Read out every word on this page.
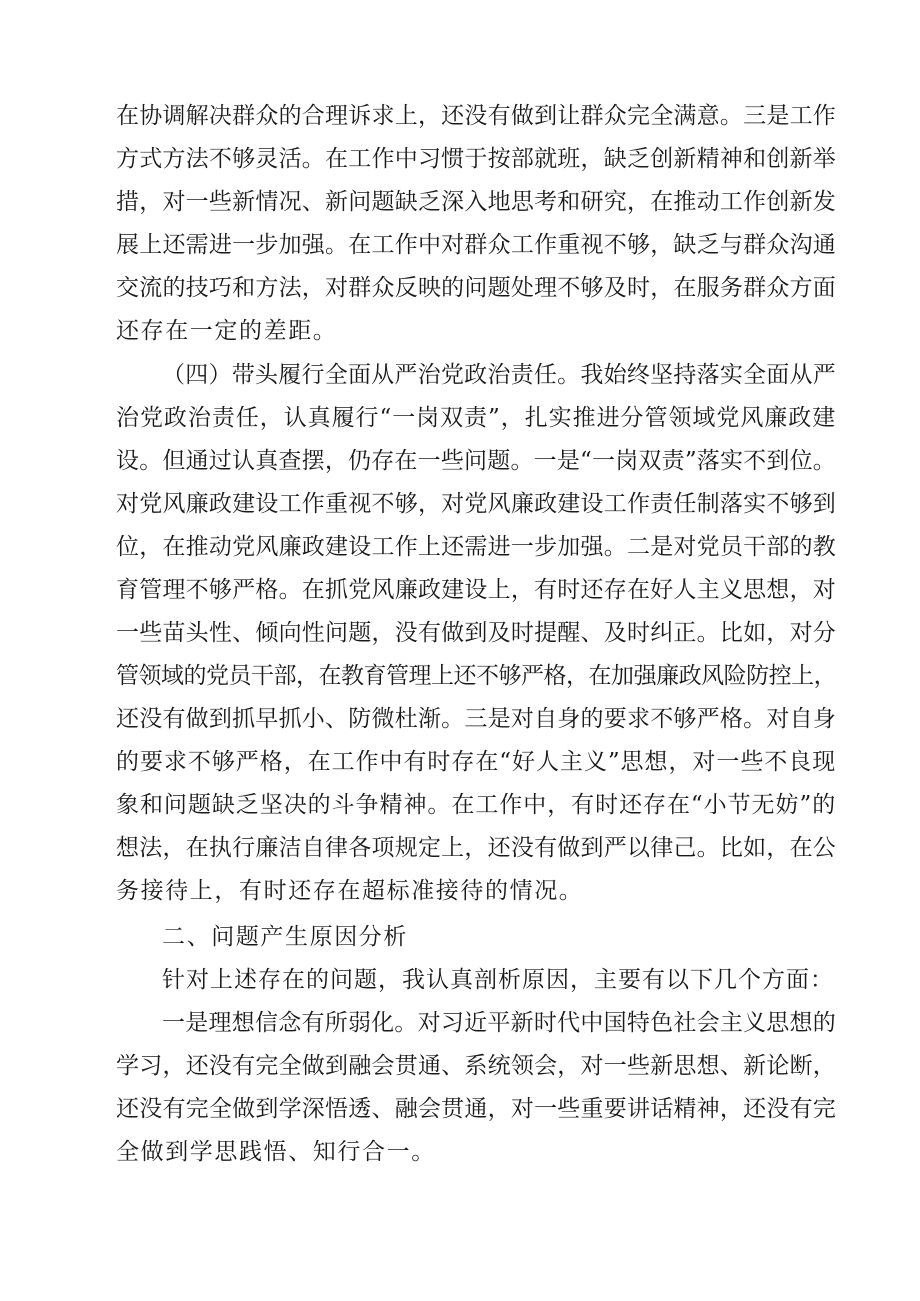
在协调解决群众的合理诉求上，还没有做到让群众完全满意。三是工作
方式方法不够灵活。在工作中习惯于按部就班，缺乏创新精神和创新举
措，对一些新情况、新问题缺乏深入地思考和研究，在推动工作创新发
展上还需进一步加强。在工作中对群众工作重视不够，缺乏与群众沟通
交流的技巧和方法，对群众反映的问题处理不够及时，在服务群众方面
还存在一定的差距。
（四）带头履行全面从严治党政治责任。我始终坚持落实全面从严
治党政治责任，认真履行“一岗双责”，扎实推进分管领域党风廉政建
设。但通过认真查摆，仍存在一些问题。一是“一岗双责”落实不到位。
对党风廉政建设工作重视不够，对党风廉政建设工作责任制落实不够到
位，在推动党风廉政建设工作上还需进一步加强。二是对党员干部的教
育管理不够严格。在抓党风廉政建设上，有时还存在好人主义思想，对
一些苗头性、倾向性问题，没有做到及时提醒、及时纠正。比如，对分
管领域的党员干部，在教育管理上还不够严格，在加强廉政风险防控上，
还没有做到抓早抓小、防微杜渐。三是对自身的要求不够严格。对自身
的要求不够严格，在工作中有时存在“好人主义”思想，对一些不良现
象和问题缺乏坚决的斗争精神。在工作中，有时还存在“小节无妨”的
想法，在执行廉洁自律各项规定上，还没有做到严以律己。比如，在公
务接待上，有时还存在超标准接待的情况。
二、问题产生原因分析
针对上述存在的问题，我认真剖析原因，主要有以下几个方面：
一是理想信念有所弱化。对习近平新时代中国特色社会主义思想的
学习，还没有完全做到融会贯通、系统领会，对一些新思想、新论断，
还没有完全做到学深悟透、融会贯通，对一些重要讲话精神，还没有完
全做到学思践悟、知行合一。
